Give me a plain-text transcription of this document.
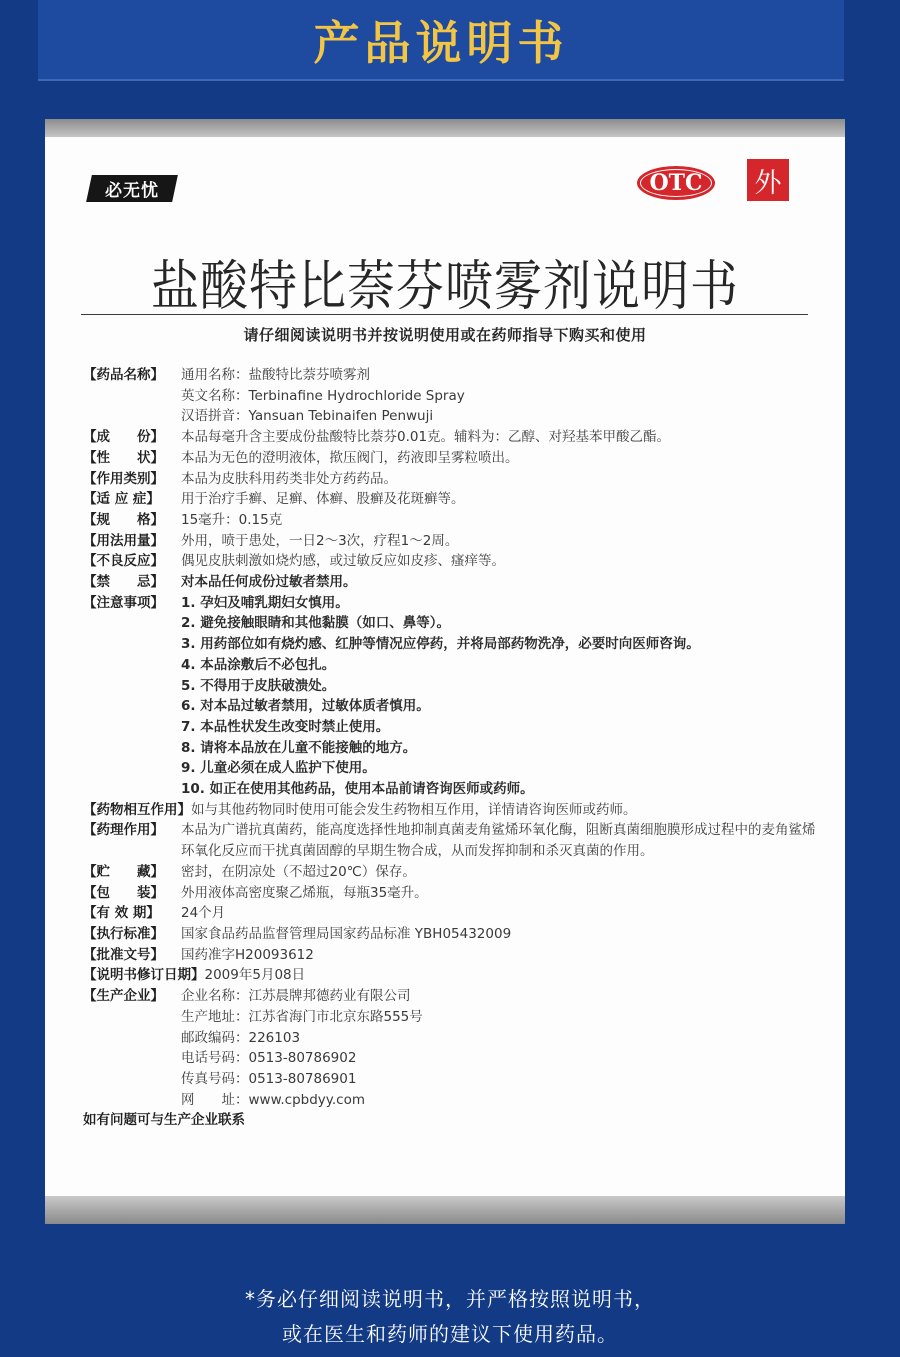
产品说明书
必无忧	OTC	外
盐酸特比萘芬喷雾剂说明书
请仔细阅读说明书并按说明使用或在药师指导下购买和使用
【药品名称】	通用名称：盐酸特比萘芬喷雾剂
英文名称：Terbinafine Hydrochloride Spray
汉语拼音：Yansuan Tebinaifen Penwuji
【成　　份】	本品每毫升含主要成份盐酸特比萘芬0.01克。辅料为：乙醇、对羟基苯甲酸乙酯。
【性　　状】	本品为无色的澄明液体，揿压阀门，药液即呈雾粒喷出。
【作用类别】	本品为皮肤科用药类非处方药药品。
【适 应 症】	用于治疗手癣、足癣、体癣、股癣及花斑癣等。
【规　　格】	15毫升：0.15克
【用法用量】	外用，喷于患处，一日2～3次，疗程1～2周。
【不良反应】	偶见皮肤刺激如烧灼感，或过敏反应如皮疹、瘙痒等。
【禁　　忌】	对本品任何成份过敏者禁用。
【注意事项】	1. 孕妇及哺乳期妇女慎用。
2. 避免接触眼睛和其他黏膜（如口、鼻等）。
3. 用药部位如有烧灼感、红肿等情况应停药，并将局部药物洗净，必要时向医师咨询。
4. 本品涂敷后不必包扎。
5. 不得用于皮肤破溃处。
6. 对本品过敏者禁用，过敏体质者慎用。
7. 本品性状发生改变时禁止使用。
8. 请将本品放在儿童不能接触的地方。
9. 儿童必须在成人监护下使用。
10. 如正在使用其他药品，使用本品前请咨询医师或药师。
【药物相互作用】 如与其他药物同时使用可能会发生药物相互作用，详情请咨询医师或药师。
【药理作用】	本品为广谱抗真菌药，能高度选择性地抑制真菌麦角鲨烯环氧化酶，阻断真菌细胞膜形成过程中的麦角鲨烯环氧化反应而干扰真菌固醇的早期生物合成，从而发挥抑制和杀灭真菌的作用。
【贮　　藏】	密封，在阴凉处（不超过20℃）保存。
【包　　装】	外用液体高密度聚乙烯瓶，每瓶35毫升。
【有 效 期】	24个月
【执行标准】	国家食品药品监督管理局国家药品标准 YBH05432009
【批准文号】	国药准字H20093612
【说明书修订日期】 2009年5月08日
【生产企业】	企业名称：江苏晨牌邦德药业有限公司
生产地址：江苏省海门市北京东路555号
邮政编码：226103
电话号码：0513-80786902
传真号码：0513-80786901
网　　址：www.cpbdyy.com
如有问题可与生产企业联系
*务必仔细阅读说明书，并严格按照说明书，
或在医生和药师的建议下使用药品。
